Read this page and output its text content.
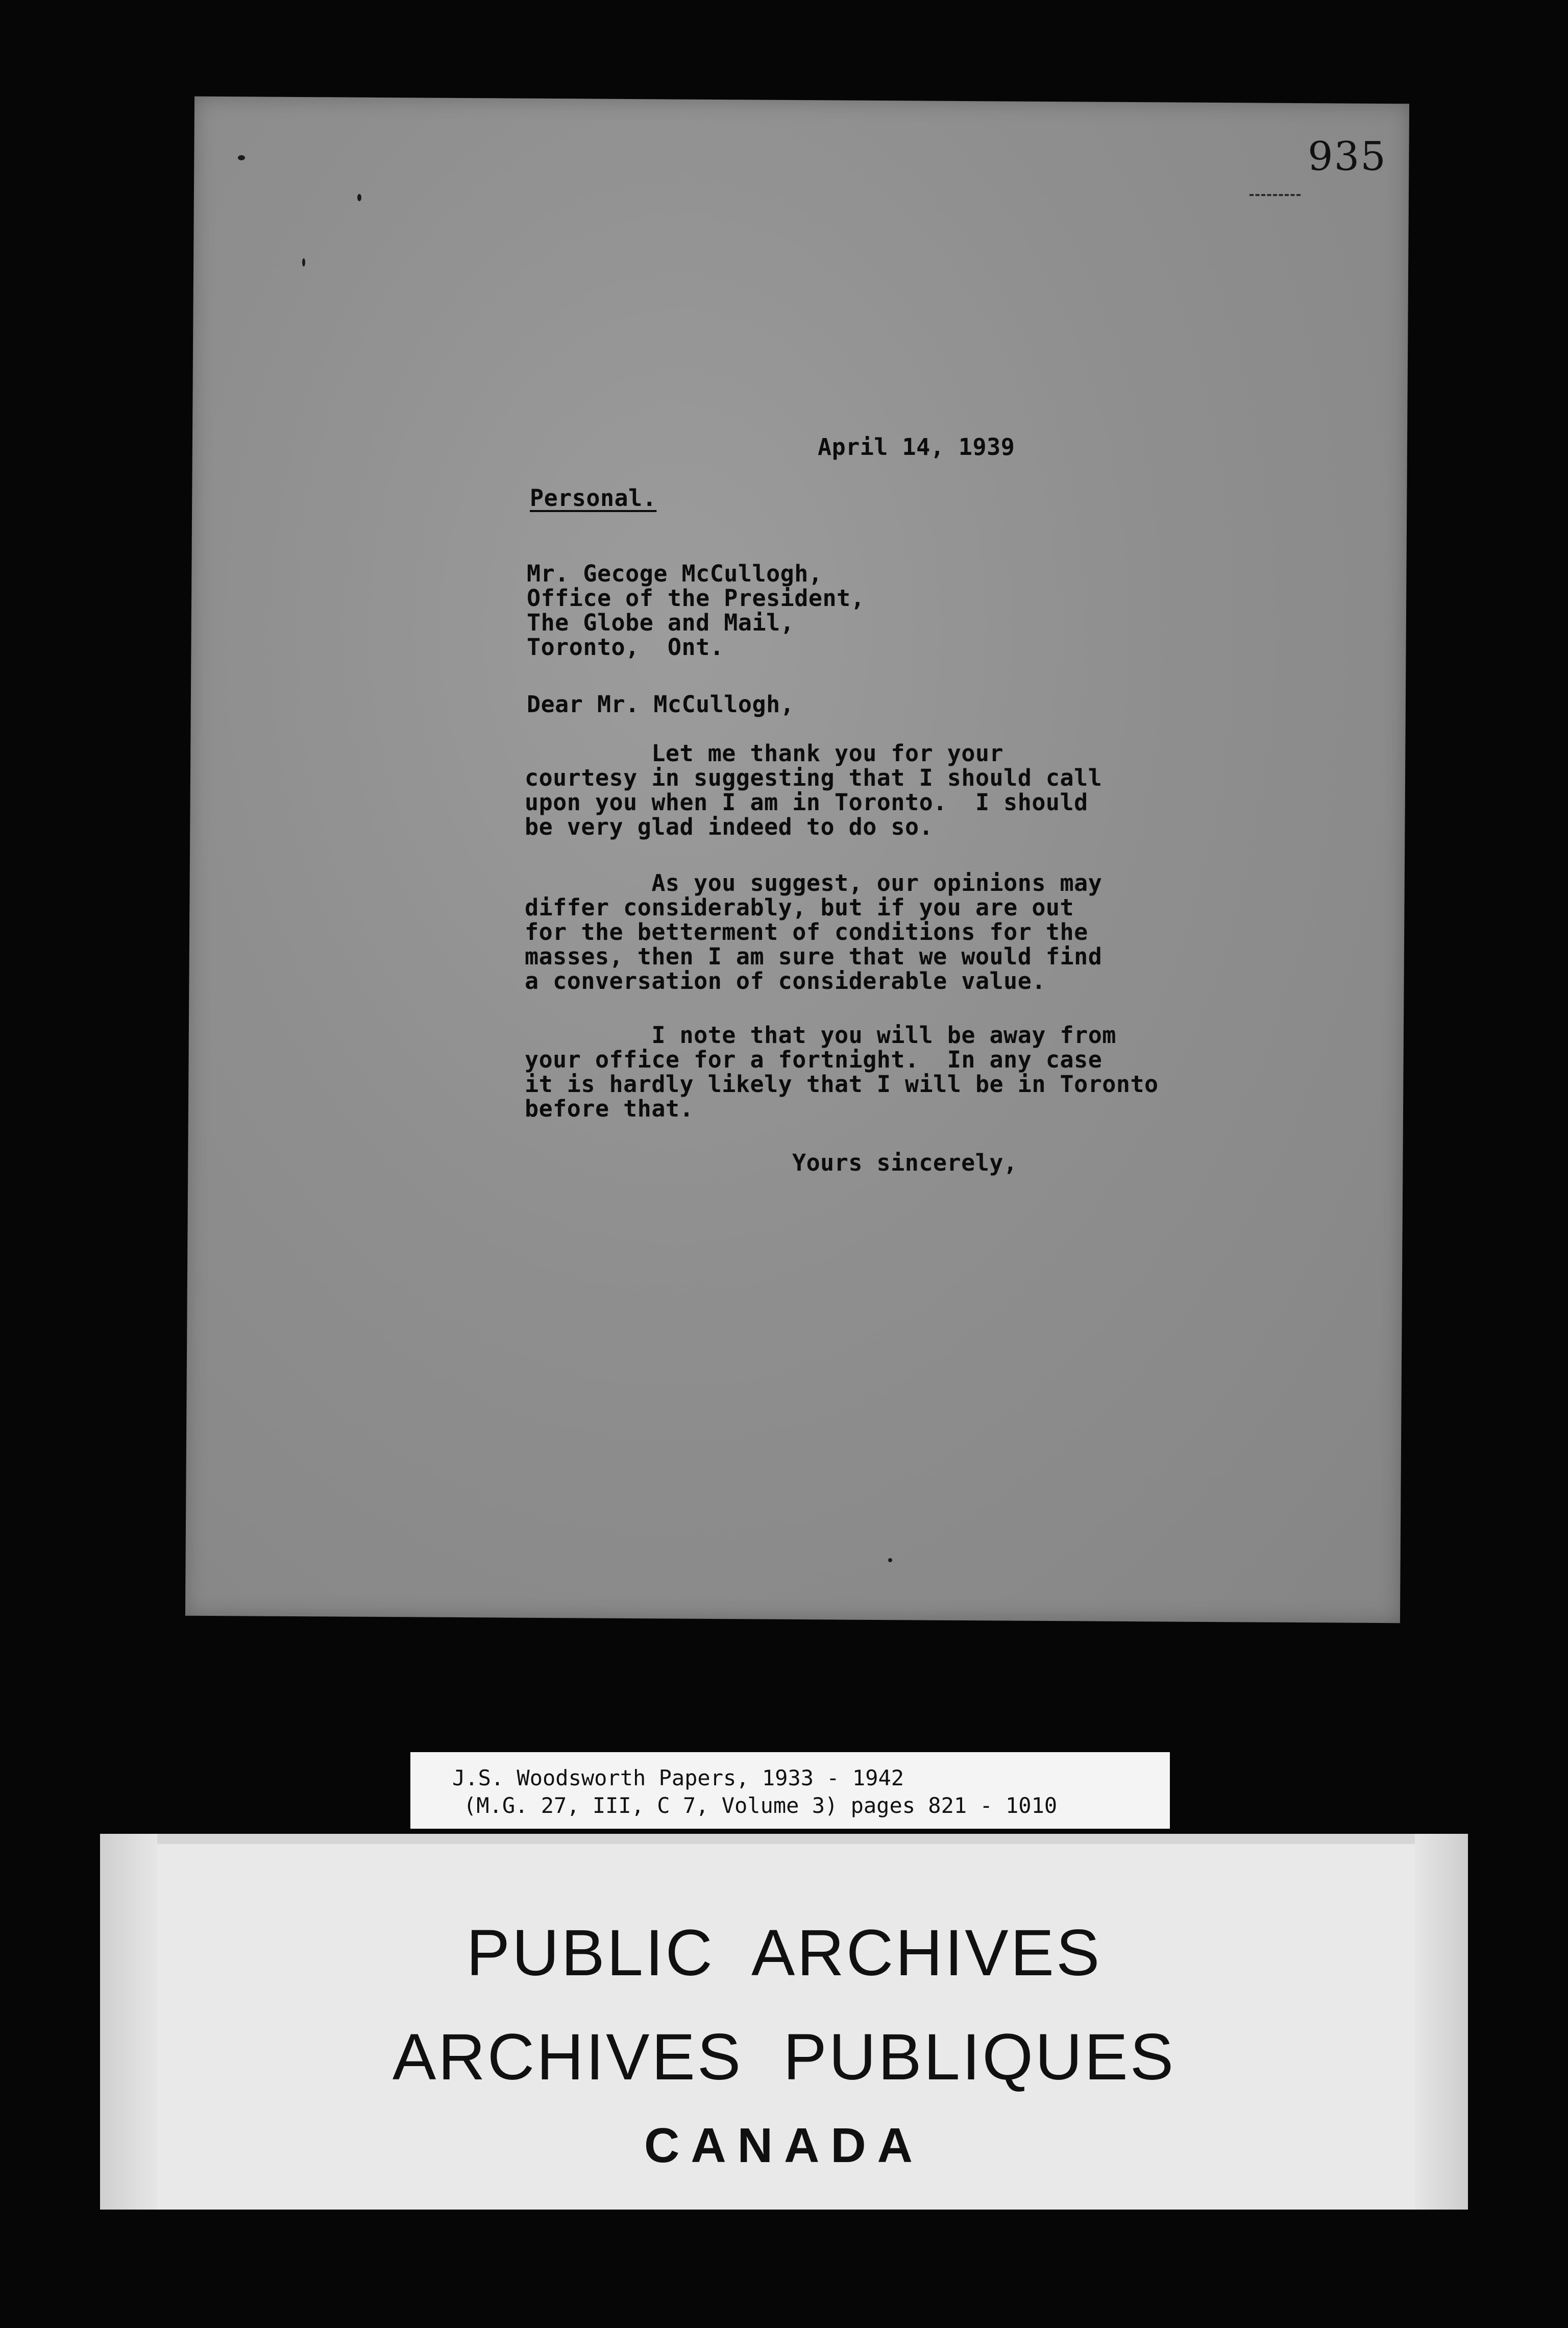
935
April 14, 1939
Personal.
Mr. Gecoge McCullogh,
Office of the President,
The Globe and Mail,
Toronto,  Ont.
Dear Mr. McCullogh,
Let me thank you for your
courtesy in suggesting that I should call
upon you when I am in Toronto.  I should
be very glad indeed to do so.
As you suggest, our opinions may
differ considerably, but if you are out
for the betterment of conditions for the
masses, then I am sure that we would find
a conversation of considerable value.
I note that you will be away from
your office for a fortnight.  In any case
it is hardly likely that I will be in Toronto
before that.
Yours sincerely,
J.S. Woodsworth Papers, 1933 - 1942
(M.G. 27, III, C 7, Volume 3) pages 821 - 1010
PUBLIC  ARCHIVES
ARCHIVES  PUBLIQUES
CANADA
